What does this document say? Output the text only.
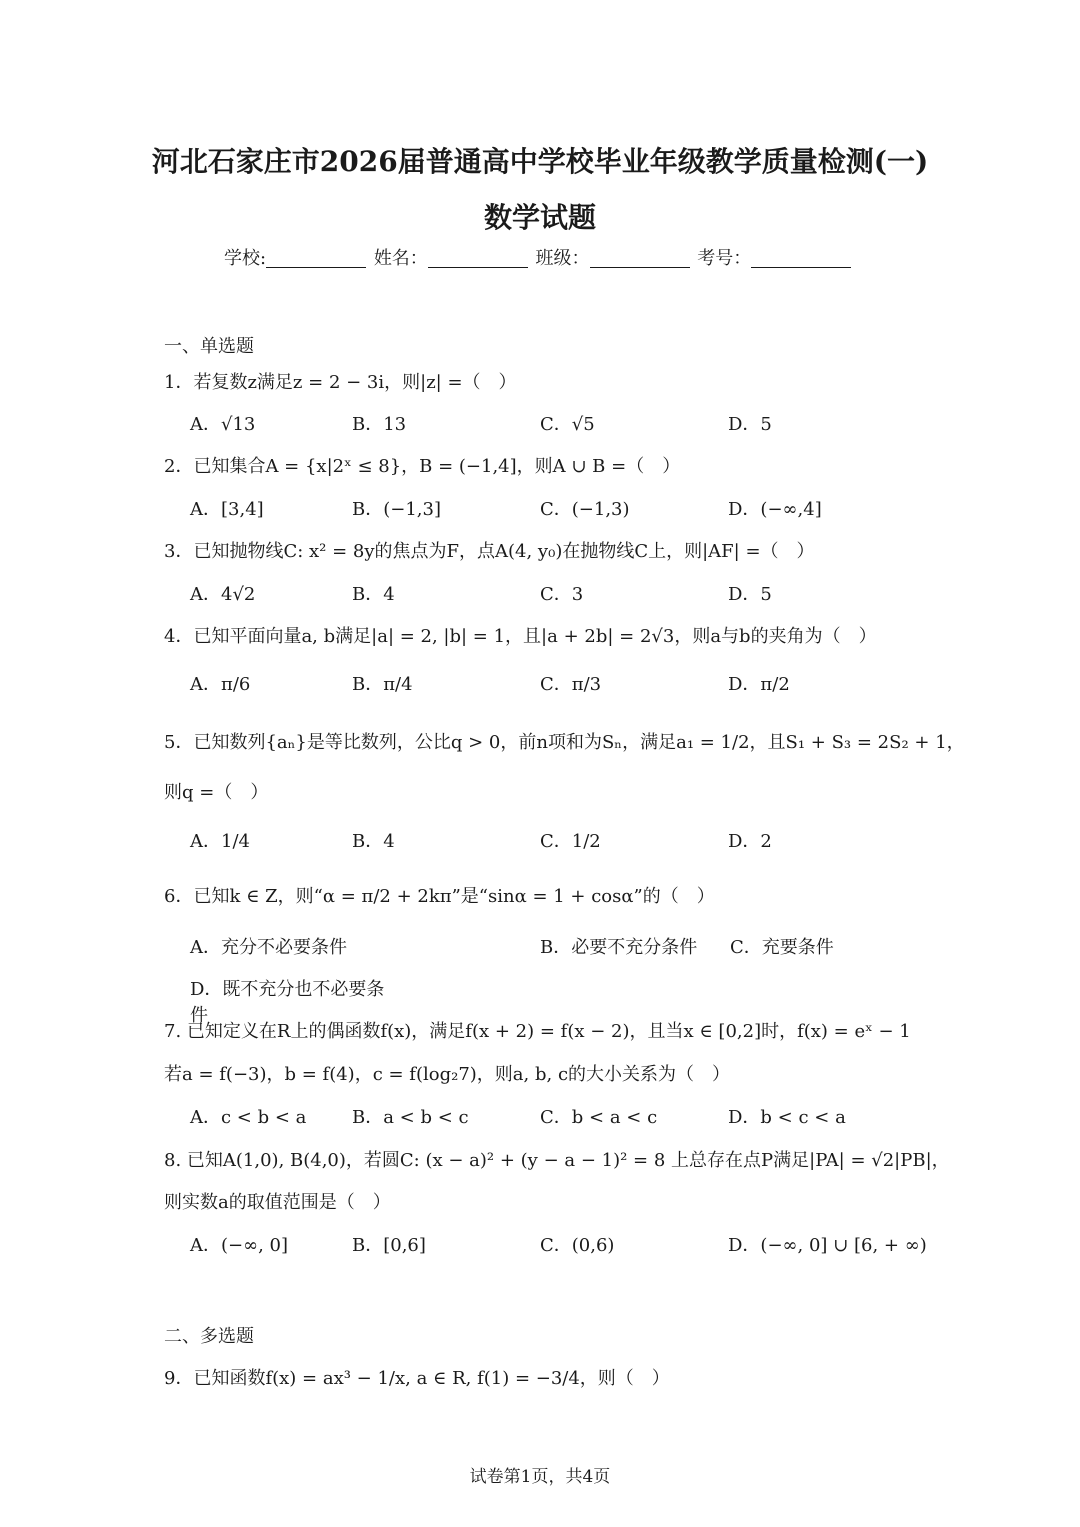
河北石家庄市2026届普通高中学校毕业年级教学质量检测(一)
数学试题
学校:	姓名：	班级：	考号：
一、单选题
1．若复数z满足z = 2 − 3i，则|z| =（　）
A．√13	B．13	C．√5	D．5
2．已知集合A = {x|2ˣ ≤ 8}，B = (−1,4]，则A ∪ B =（　）
A．[3,4]	B．(−1,3]	C．(−1,3)	D．(−∞,4]
3．已知抛物线C: x² = 8y的焦点为F，点A(4, y₀)在抛物线C上，则|AF| =（　）
A．4√2	B．4	C．3	D．5
4．已知平面向量a, b满足|a| = 2, |b| = 1，且|a + 2b| = 2√3，则a与b的夹角为（　）
A．π/6	B．π/4	C．π/3	D．π/2
5．已知数列{aₙ}是等比数列，公比q > 0，前n项和为Sₙ，满足a₁ = 1/2，且S₁ + S₃ = 2S₂ + 1，
则q =（　）
A．1/4	B．4	C．1/2	D．2
6．已知k ∈ Z，则“α = π/2 + 2kπ”是“sinα = 1 + cosα”的（　）
A．充分不必要条件	B．必要不充分条件 C．充要条件
D．既不充分也不必要条件
7. 已知定义在R上的偶函数f(x)，满足f(x + 2) = f(x − 2)，且当x ∈ [0,2]时，f(x) = eˣ − 1
若a = f(−3)，b = f(4)，c = f(log₂7)，则a, b, c的大小关系为（　）
A．c < b < a	B．a < b < c	C．b < a < c	D．b < c < a
8. 已知A(1,0), B(4,0)，若圆C: (x − a)² + (y − a − 1)² = 8 上总存在点P满足|PA| = √2|PB|，
则实数a的取值范围是（　）
A．(−∞, 0]	B．[0,6]	C．(0,6)	D．(−∞, 0] ∪ [6, + ∞)
二、多选题
9．已知函数f(x) = ax³ − 1/x, a ∈ R, f(1) = −3/4，则（　）
试卷第1页，共4页
